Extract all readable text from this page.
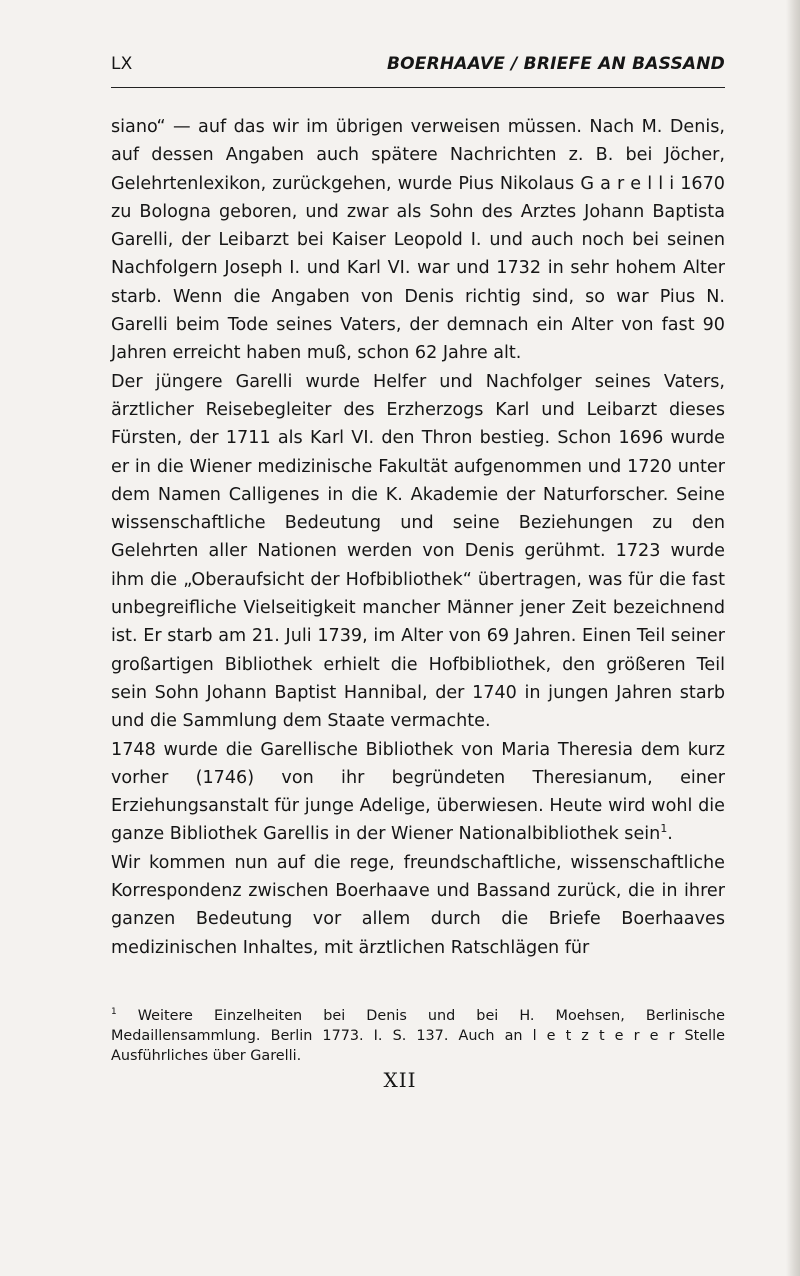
LX	BOERHAAVE / BRIEFE AN BASSAND

siano“ — auf das wir im übrigen verweisen müssen. Nach M. Denis, auf dessen Angaben auch spätere Nachrichten z. B. bei Jöcher, Gelehrtenlexikon, zurückgehen, wurde Pius Nikolaus G a r e l l i 1670 zu Bologna geboren, und zwar als Sohn des Arztes Johann Baptista Garelli, der Leibarzt bei Kaiser Leopold I. und auch noch bei seinen Nachfolgern Joseph I. und Karl VI. war und 1732 in sehr hohem Alter starb. Wenn die Angaben von Denis richtig sind, so war Pius N. Garelli beim Tode seines Vaters, der demnach ein Alter von fast 90 Jahren erreicht haben muß, schon 62 Jahre alt.

Der jüngere Garelli wurde Helfer und Nachfolger seines Vaters, ärztlicher Reisebegleiter des Erzherzogs Karl und Leibarzt dieses Fürsten, der 1711 als Karl VI. den Thron bestieg. Schon 1696 wurde er in die Wiener medizinische Fakultät aufgenommen und 1720 unter dem Namen Calligenes in die K. Akademie der Naturforscher. Seine wissenschaftliche Bedeutung und seine Beziehungen zu den Gelehrten aller Nationen werden von Denis gerühmt. 1723 wurde ihm die „Oberaufsicht der Hofbibliothek“ übertragen, was für die fast unbegreifliche Vielseitigkeit mancher Männer jener Zeit bezeichnend ist. Er starb am 21. Juli 1739, im Alter von 69 Jahren. Einen Teil seiner großartigen Bibliothek erhielt die Hofbibliothek, den größeren Teil sein Sohn Johann Baptist Hannibal, der 1740 in jungen Jahren starb und die Sammlung dem Staate vermachte.

1748 wurde die Garellische Bibliothek von Maria Theresia dem kurz vorher (1746) von ihr begründeten Theresianum, einer Erziehungsanstalt für junge Adelige, überwiesen. Heute wird wohl die ganze Bibliothek Garellis in der Wiener Nationalbibliothek sein$^1$.

Wir kommen nun auf die rege, freundschaftliche, wissenschaftliche Korrespondenz zwischen Boerhaave und Bassand zurück, die in ihrer ganzen Bedeutung vor allem durch die Briefe Boerhaaves medizinischen Inhaltes, mit ärztlichen Ratschlägen für

$^1$ Weitere Einzelheiten bei Denis und bei H. Moehsen, Berlinische Medaillensammlung. Berlin 1773. I. S. 137. Auch an l e t z t e r e r Stelle Ausführliches über Garelli.

XII
